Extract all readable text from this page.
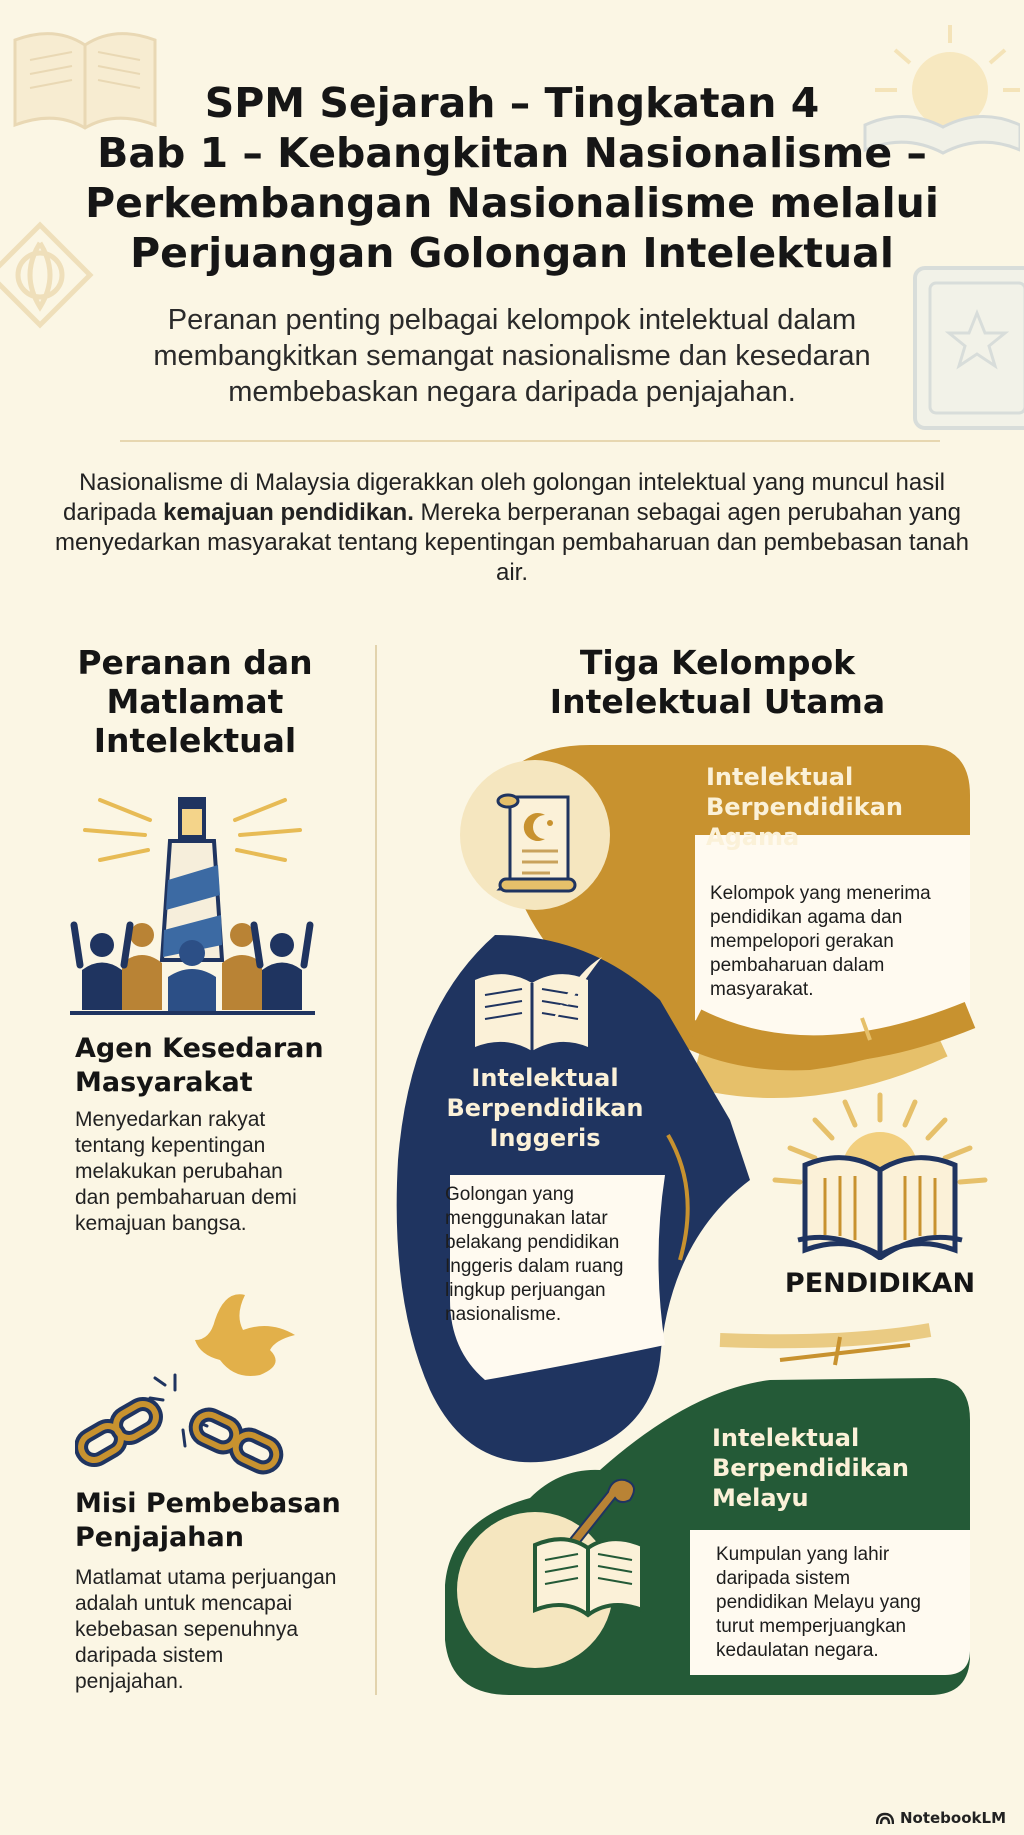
SPM Sejarah – Tingkatan 4
Bab 1 – Kebangkitan Nasionalisme –
Perkembangan Nasionalisme melalui
Perjuangan Golongan Intelektual

Peranan penting pelbagai kelompok intelektual dalam
membangkitkan semangat nasionalisme dan kesedaran
membebaskan negara daripada penjajahan.

Nasionalisme di Malaysia digerakkan oleh golongan intelektual yang muncul hasil daripada kemajuan pendidikan. Mereka berperanan sebagai agen perubahan yang menyedarkan masyarakat tentang kepentingan pembaharuan dan pembebasan tanah air.

Peranan dan
Matlamat
Intelektual
Agen Kesedaran
Masyarakat

Menyedarkan rakyat
tentang kepentingan
melakukan perubahan
dan pembaharuan demi
kemajuan bangsa.

Misi Pembebasan
Penjajahan

Matlamat utama perjuangan
adalah untuk mencapai
kebebasan sepenuhnya
daripada sistem
penjajahan.

Tiga Kelompok
Intelektual Utama
Intelektual
Berpendidikan
Agama

Kelompok yang menerima
pendidikan agama dan
mempelopori gerakan
pembaharuan dalam
masyarakat.

Intelektual
Berpendidikan
Inggeris

Golongan yang
menggunakan latar
belakang pendidikan
Inggeris dalam ruang
lingkup perjuangan
nasionalisme.

PENDIDIKAN

Intelektual
Berpendidikan
Melayu

Kumpulan yang lahir
daripada sistem
pendidikan Melayu yang
turut memperjuangkan
kedaulatan negara.

NotebookLM
